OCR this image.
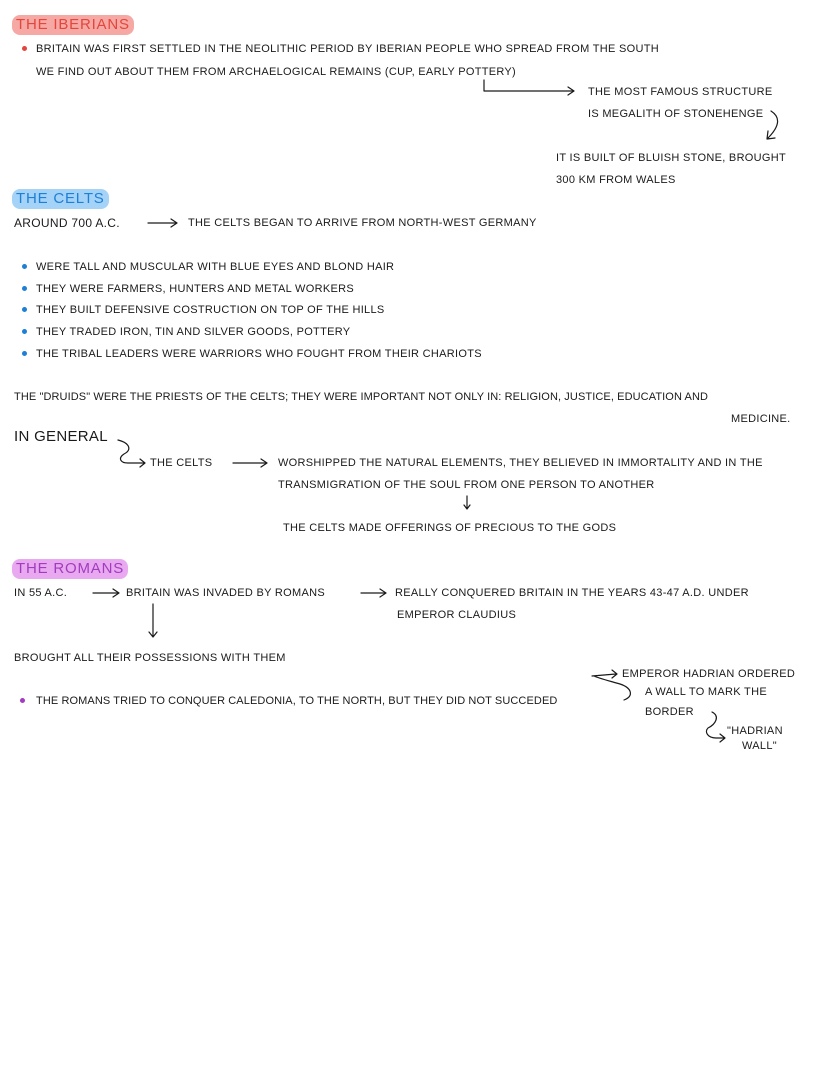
THE IBERIANS
BRITAIN WAS FIRST SETTLED IN THE NEOLITHIC PERIOD BY IBERIAN PEOPLE WHO SPREAD FROM THE SOUTH
WE FIND OUT ABOUT THEM FROM ARCHAELOGICAL REMAINS (CUP, EARLY POTTERY)
THE MOST FAMOUS STRUCTURE
IS MEGALITH OF STONEHENGE
IT IS BUILT OF BLUISH STONE, BROUGHT
300 KM FROM WALES
THE CELTS
AROUND 700 A.C.	THE CELTS BEGAN TO ARRIVE FROM NORTH-WEST GERMANY
WERE TALL AND MUSCULAR WITH BLUE EYES AND BLOND HAIR
THEY WERE FARMERS, HUNTERS AND METAL WORKERS
THEY BUILT DEFENSIVE COSTRUCTION ON TOP OF THE HILLS
THEY TRADED IRON, TIN AND SILVER GOODS, POTTERY
THE TRIBAL LEADERS WERE WARRIORS WHO FOUGHT FROM THEIR CHARIOTS
THE "DRUIDS" WERE THE PRIESTS OF THE CELTS; THEY WERE IMPORTANT NOT ONLY IN: RELIGION, JUSTICE, EDUCATION AND
MEDICINE.
IN GENERAL
THE CELTS	WORSHIPPED THE NATURAL ELEMENTS, THEY BELIEVED IN IMMORTALITY AND IN THE
TRANSMIGRATION OF THE SOUL FROM ONE PERSON TO ANOTHER
THE CELTS MADE OFFERINGS OF PRECIOUS TO THE GODS
THE ROMANS
IN 55 A.C.	BRITAIN WAS INVADED BY ROMANS	REALLY CONQUERED BRITAIN IN THE YEARS 43-47 A.D. UNDER
EMPEROR CLAUDIUS
BROUGHT ALL THEIR POSSESSIONS WITH THEM
THE ROMANS TRIED TO CONQUER CALEDONIA, TO THE NORTH, BUT THEY DID NOT SUCCEDED
EMPEROR HADRIAN ORDERED
A WALL TO MARK THE
BORDER
"HADRIAN
WALL"
